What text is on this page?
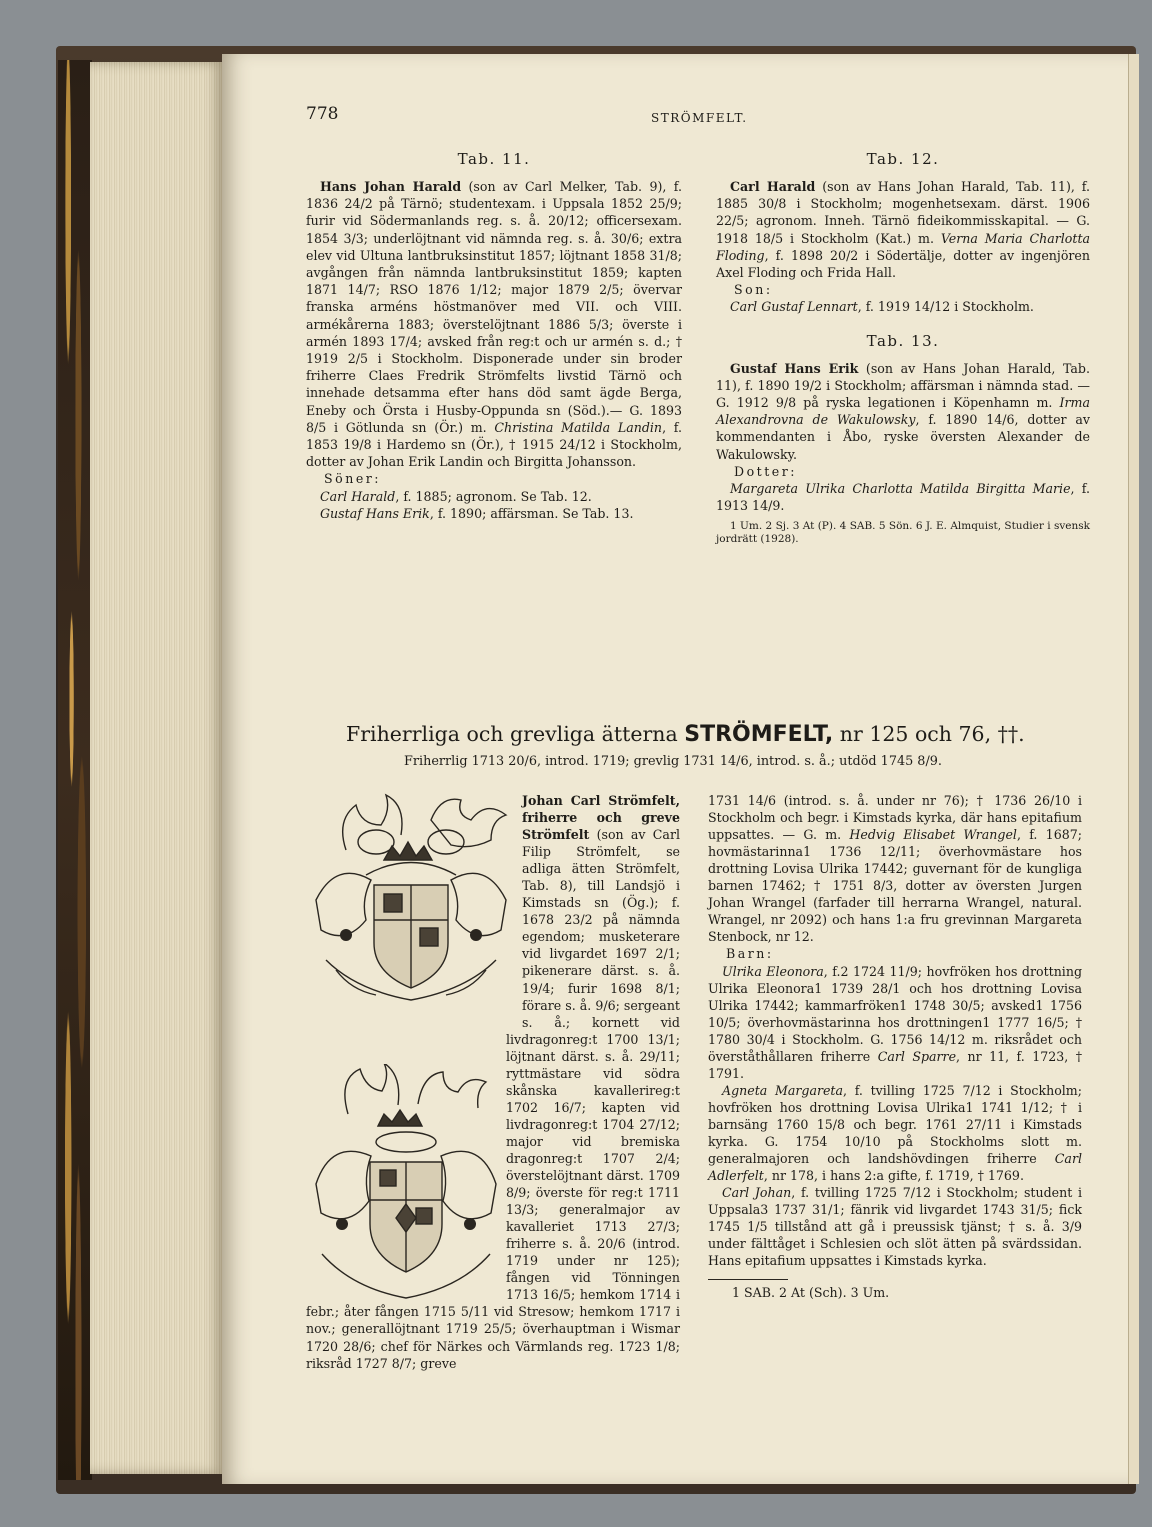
778	STRÖMFELT.
Tab. 11.

Hans Johan Harald (son av Carl Melker, Tab. 9), f. 1836 24/2 på Tärnö; studentexam. i Uppsala 1852 25/9; furir vid Södermanlands reg. s. å. 20/12; officersexam. 1854 3/3; underlöjtnant vid nämnda reg. s. å. 30/6; extra elev vid Ultuna lantbruksinstitut 1857; löjtnant 1858 31/8; avgången från nämnda lantbruksinstitut 1859; kapten 1871 14/7; RSO 1876 1/12; major 1879 2/5; övervar franska arméns höstmanöver med VII. och VIII. armékårerna 1883; överstelöjtnant 1886 5/3; överste i armén 1893 17/4; avsked från reg:t och ur armén s. d.; † 1919 2/5 i Stockholm. Disponerade under sin broder friherre Claes Fredrik Strömfelts livstid Tärnö och innehade detsamma efter hans död samt ägde Berga, Eneby och Örsta i Husby-Oppunda sn (Söd.).— G. 1893 8/5 i Götlunda sn (Ör.) m. Christina Matilda Landin, f. 1853 19/8 i Hardemo sn (Ör.), † 1915 24/12 i Stockholm, dotter av Johan Erik Landin och Birgitta Johansson.

Söner:

Carl Harald, f. 1885; agronom. Se Tab. 12.

Gustaf Hans Erik, f. 1890; affärsman. Se Tab. 13.

Tab. 12.

Carl Harald (son av Hans Johan Harald, Tab. 11), f. 1885 30/8 i Stockholm; mogenhetsexam. därst. 1906 22/5; agronom. Inneh. Tärnö fideikommisskapital. — G. 1918 18/5 i Stockholm (Kat.) m. Verna Maria Charlotta Floding, f. 1898 20/2 i Södertälje, dotter av ingenjören Axel Floding och Frida Hall.

Son:

Carl Gustaf Lennart, f. 1919 14/12 i Stockholm.

Tab. 13.

Gustaf Hans Erik (son av Hans Johan Harald, Tab. 11), f. 1890 19/2 i Stockholm; affärsman i nämnda stad. — G. 1912 9/8 på ryska legationen i Köpenhamn m. Irma Alexandrovna de Wakulowsky, f. 1890 14/6, dotter av kommendanten i Åbo, ryske översten Alexander de Wakulowsky.

Dotter:

Margareta Ulrika Charlotta Matilda Birgitta Marie, f. 1913 14/9.

1 Um. 2 Sj. 3 At (P). 4 SAB. 5 Sön. 6 J. E. Almquist, Studier i svensk jordrätt (1928).

Friherrliga och grevliga ätterna STRÖMFELT, nr 125 och 76, ††.
Friherrlig 1713 20/6, introd. 1719; grevlig 1731 14/6, introd. s. å.; utdöd 1745 8/9.

Johan Carl Strömfelt, friherre och greve Strömfelt (son av Carl Filip Strömfelt, se adliga ätten Strömfelt, Tab. 8), till Landsjö i Kimstads sn (Ög.); f. 1678 23/2 på nämnda egendom; musketerare vid livgardet 1697 2/1; pikenerare därst. s. å. 19/4; furir 1698 8/1; förare s. å. 9/6; sergeant s. å.; kornett vid livdragonreg:t 1700 13/1; löjtnant därst. s. å. 29/11; ryttmästare vid södra skånska kavallerireg:t 1702 16/7; kapten vid livdragonreg:t 1704 27/12; major vid bremiska dragonreg:t 1707 2/4; överstelöjtnant därst. 1709 8/9; överste för reg:t 1711 13/3; generalmajor av kavalleriet 1713 27/3; friherre s. å. 20/6 (introd. 1719 under nr 125); fången vid Tönningen 1713 16/5; hemkom 1714 i febr.; åter fången 1715 5/11 vid Stresow; hemkom 1717 i nov.; generallöjtnant 1719 25/5; överhauptman i Wismar 1720 28/6; chef för Närkes och Värmlands reg. 1723 1/8; riksråd 1727 8/7; greve

1731 14/6 (introd. s. å. under nr 76); † 1736 26/10 i Stockholm och begr. i Kimstads kyrka, där hans epitafium uppsattes. — G. m. Hedvig Elisabet Wrangel, f. 1687; hovmästarinna1 1736 12/11; överhovmästare hos drottning Lovisa Ulrika 17442; guvernant för de kungliga barnen 17462; † 1751 8/3, dotter av översten Jurgen Johan Wrangel (farfader till herrarna Wrangel, natural. Wrangel, nr 2092) och hans 1:a fru grevinnan Margareta Stenbock, nr 12.

Barn:

Ulrika Eleonora, f.2 1724 11/9; hovfröken hos drottning Ulrika Eleonora1 1739 28/1 och hos drottning Lovisa Ulrika 17442; kammarfröken1 1748 30/5; avsked1 1756 10/5; överhovmästarinna hos drottningen1 1777 16/5; † 1780 30/4 i Stockholm. G. 1756 14/12 m. riksrådet och överståthållaren friherre Carl Sparre, nr 11, f. 1723, † 1791.

Agneta Margareta, f. tvilling 1725 7/12 i Stockholm; hovfröken hos drottning Lovisa Ulrika1 1741 1/12; † i barnsäng 1760 15/8 och begr. 1761 27/11 i Kimstads kyrka. G. 1754 10/10 på Stockholms slott m. generalmajoren och landshövdingen friherre Carl Adlerfelt, nr 178, i hans 2:a gifte, f. 1719, † 1769.

Carl Johan, f. tvilling 1725 7/12 i Stockholm; student i Uppsala3 1737 31/1; fänrik vid livgardet 1743 31/5; fick 1745 1/5 tillstånd att gå i preussisk tjänst; † s. å. 3/9 under fälttåget i Schlesien och slöt ätten på svärdssidan. Hans epitafium uppsattes i Kimstads kyrka.

1 SAB. 2 At (Sch). 3 Um.
